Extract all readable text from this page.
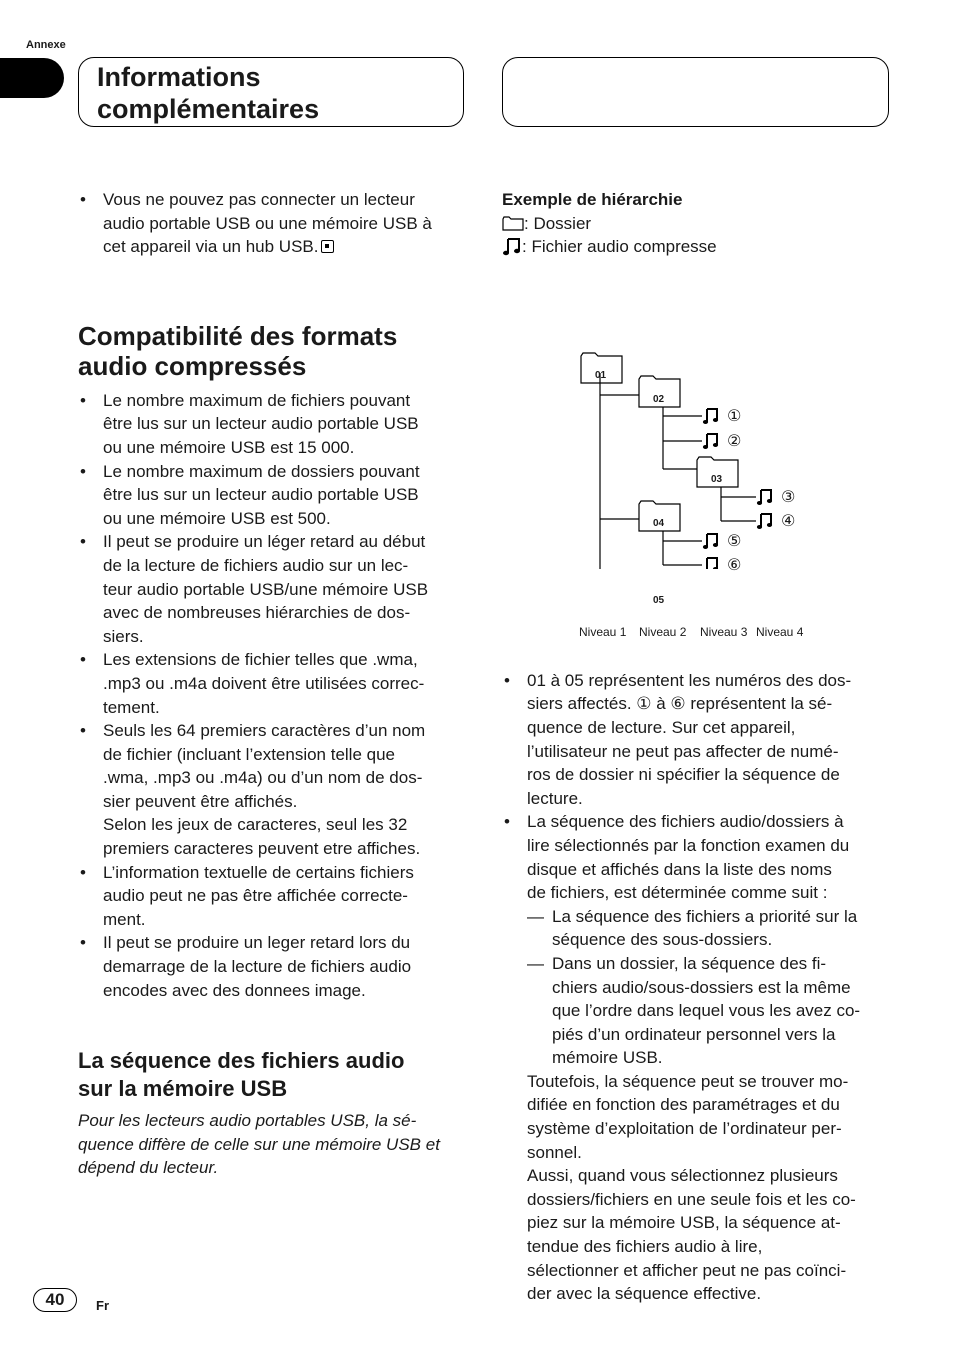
Annexe
Informations
complémentaires
• Vous ne pouvez pas connecter un lecteur
audio portable USB ou une mémoire USB à
cet appareil via un hub USB.
Compatibilité des formats
audio compressés
• Le nombre maximum de fichiers pouvant
être lus sur un lecteur audio portable USB
ou une mémoire USB est 15 000.
• Le nombre maximum de dossiers pouvant
être lus sur un lecteur audio portable USB
ou une mémoire USB est 500.
• Il peut se produire un léger retard au début
de la lecture de fichiers audio sur un lec-
teur audio portable USB/une mémoire USB
avec de nombreuses hiérarchies de dos-
siers.
• Les extensions de fichier telles que .wma,
.mp3 ou .m4a doivent être utilisées correc-
tement.
• Seuls les 64 premiers caractères d’un nom
de fichier (incluant l’extension telle que
.wma, .mp3 ou .m4a) ou d’un nom de dos-
sier peuvent être affichés.
Selon les jeux de caracteres, seul les 32
premiers caracteres peuvent etre affiches.
• L’information textuelle de certains fichiers
audio peut ne pas être affichée correcte-
ment.
• Il peut se produire un leger retard lors du
demarrage de la lecture de fichiers audio
encodes avec des donnees image.
La séquence des fichiers audio
sur la mémoire USB
Pour les lecteurs audio portables USB, la sé-
quence diffère de celle sur une mémoire USB et
dépend du lecteur.
Exemple de hiérarchie
: Dossier
: Fichier audio compresse
01
02
03
04
05
①
②
③
④
⑤
⑥
Niveau 1 Niveau 2 Niveau 3 Niveau 4
• 01 à 05 représentent les numéros des dos-
siers affectés. ① à ⑥ représentent la sé-
quence de lecture. Sur cet appareil,
l’utilisateur ne peut pas affecter de numé-
ros de dossier ni spécifier la séquence de
lecture.
• La séquence des fichiers audio/dossiers à
lire sélectionnés par la fonction examen du
disque et affichés dans la liste des noms
de fichiers, est déterminée comme suit :
— La séquence des fichiers a priorité sur la
séquence des sous-dossiers.
— Dans un dossier, la séquence des fi-
chiers audio/sous-dossiers est la même
que l’ordre dans lequel vous les avez co-
piés d’un ordinateur personnel vers la
mémoire USB.
Toutefois, la séquence peut se trouver mo-
difiée en fonction des paramétrages et du
système d’exploitation de l’ordinateur per-
sonnel.
Aussi, quand vous sélectionnez plusieurs
dossiers/fichiers en une seule fois et les co-
piez sur la mémoire USB, la séquence at-
tendue des fichiers audio à lire,
sélectionner et afficher peut ne pas coïnci-
der avec la séquence effective.
40	Fr
